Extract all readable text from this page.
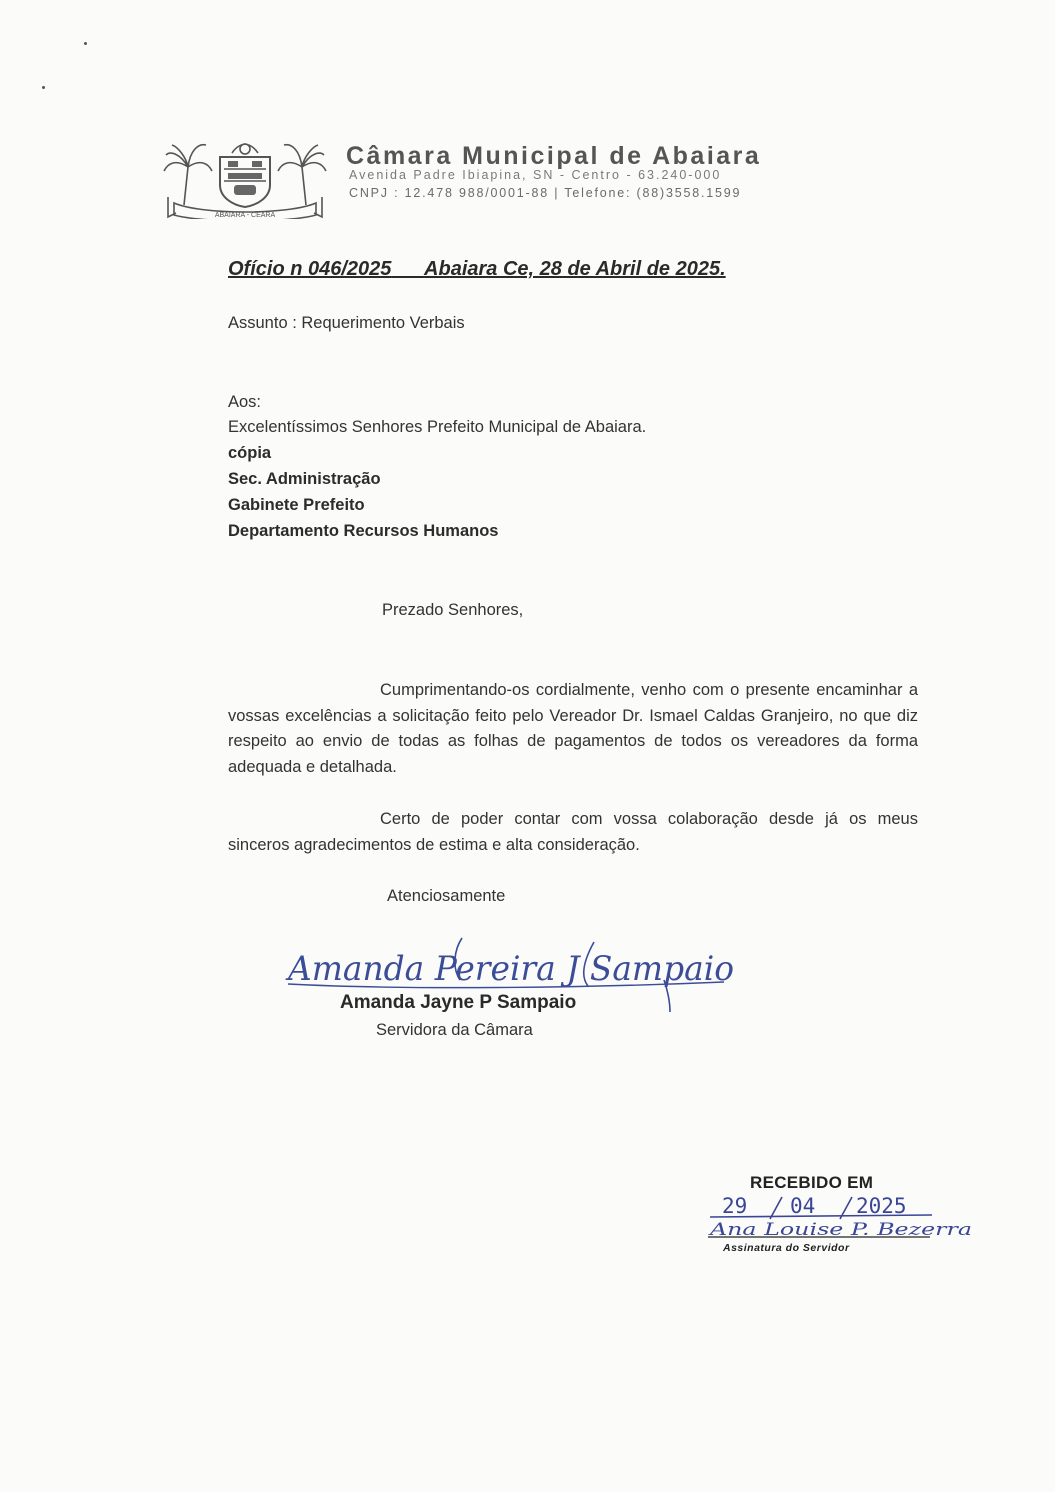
ABAIARA - CEARÁ
Câmara Municipal de Abaiara
Avenida Padre Ibiapina, SN - Centro - 63.240-000
CNPJ : 12.478 988/0001-88 | Telefone: (88)3558.1599
Ofício n 046/2025 Abaiara Ce, 28 de Abril de 2025.
Assunto : Requerimento Verbais
Aos:
Excelentíssimos Senhores Prefeito Municipal de Abaiara.
cópia
Sec. Administração
Gabinete Prefeito
Departamento Recursos Humanos
Prezado Senhores,
Cumprimentando-os cordialmente, venho com o presente encaminhar a vossas excelências a solicitação feito pelo Vereador Dr. Ismael Caldas Granjeiro, no que diz respeito ao envio de todas as folhas de pagamentos de todos os vereadores da forma adequada e detalhada.
Certo de poder contar com vossa colaboração desde já os meus sinceros agradecimentos de estima e alta consideração.
Atenciosamente
Amanda Pereira J Sampaio
Amanda Jayne P Sampaio
Servidora da Câmara
RECEBIDO EM
29 04 2025
Ana Louise P. Bezerra
Assinatura do Servidor
